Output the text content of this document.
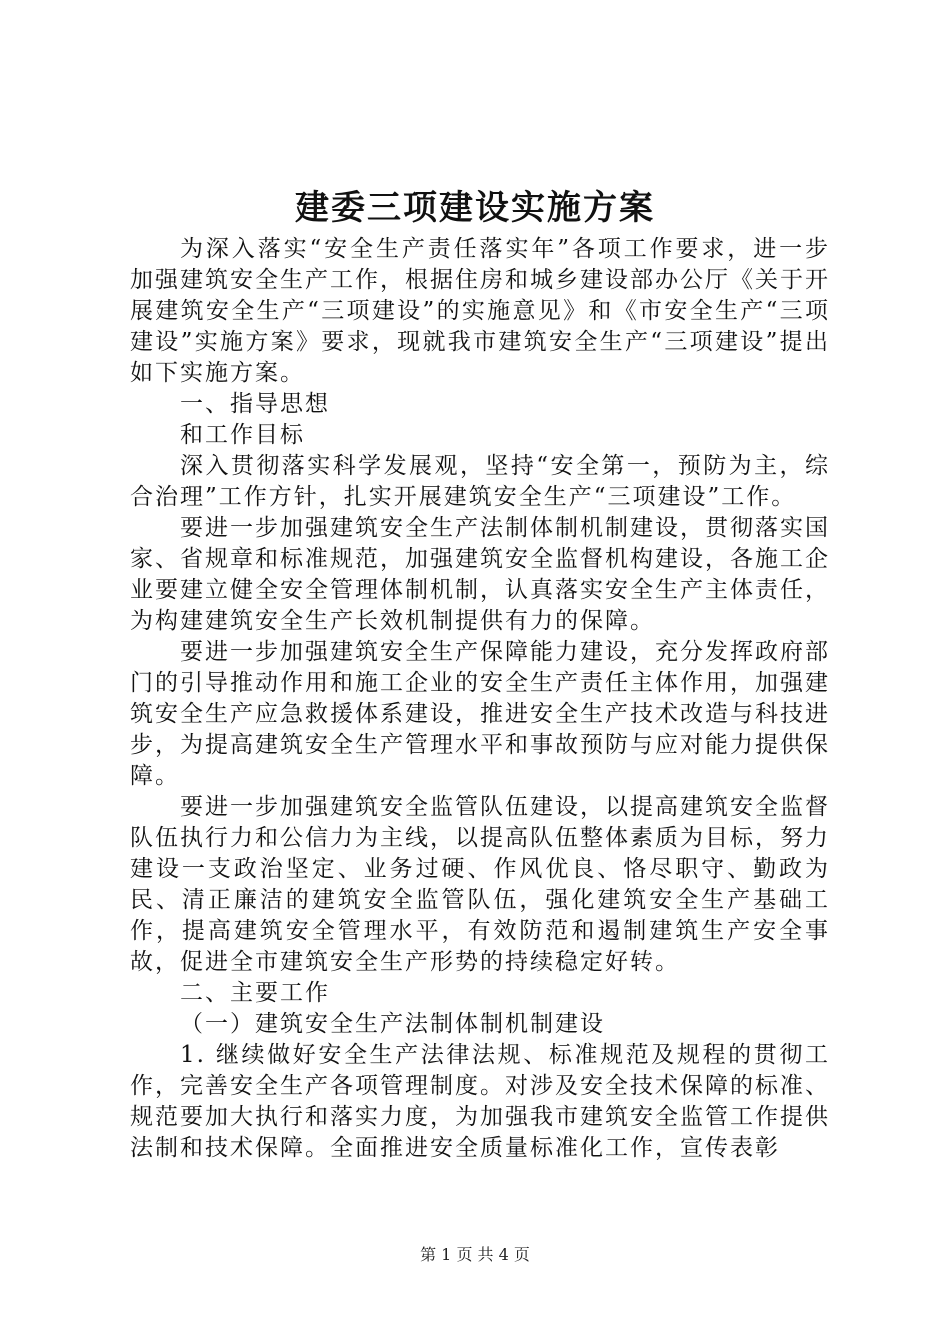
建委三项建设实施方案

为深入落实“安全生产责任落实年”各项工作要求，进一步加强建筑安全生产工作，根据住房和城乡建设部办公厅《关于开展建筑安全生产“三项建设”的实施意见》和《市安全生产“三项建设”实施方案》要求，现就我市建筑安全生产“三项建设”提出如下实施方案。

一、指导思想

和工作目标

深入贯彻落实科学发展观，坚持“安全第一，预防为主，综合治理”工作方针，扎实开展建筑安全生产“三项建设”工作。

要进一步加强建筑安全生产法制体制机制建设，贯彻落实国家、省规章和标准规范，加强建筑安全监督机构建设，各施工企业要建立健全安全管理体制机制，认真落实安全生产主体责任，为构建建筑安全生产长效机制提供有力的保障。

要进一步加强建筑安全生产保障能力建设，充分发挥政府部门的引导推动作用和施工企业的安全生产责任主体作用，加强建筑安全生产应急救援体系建设，推进安全生产技术改造与科技进步，为提高建筑安全生产管理水平和事故预防与应对能力提供保障。

要进一步加强建筑安全监管队伍建设，以提高建筑安全监督队伍执行力和公信力为主线，以提高队伍整体素质为目标，努力建设一支政治坚定、业务过硬、作风优良、恪尽职守、勤政为民、清正廉洁的建筑安全监管队伍，强化建筑安全生产基础工作，提高建筑安全管理水平，有效防范和遏制建筑生产安全事故，促进全市建筑安全生产形势的持续稳定好转。

二、主要工作

（一）建筑安全生产法制体制机制建设

1. 继续做好安全生产法律法规、标准规范及规程的贯彻工作，完善安全生产各项管理制度。对涉及安全技术保障的标准、规范要加大执行和落实力度，为加强我市建筑安全监管工作提供法制和技术保障。全面推进安全质量标准化工作，宣传表彰

第 1 页 共 4 页
